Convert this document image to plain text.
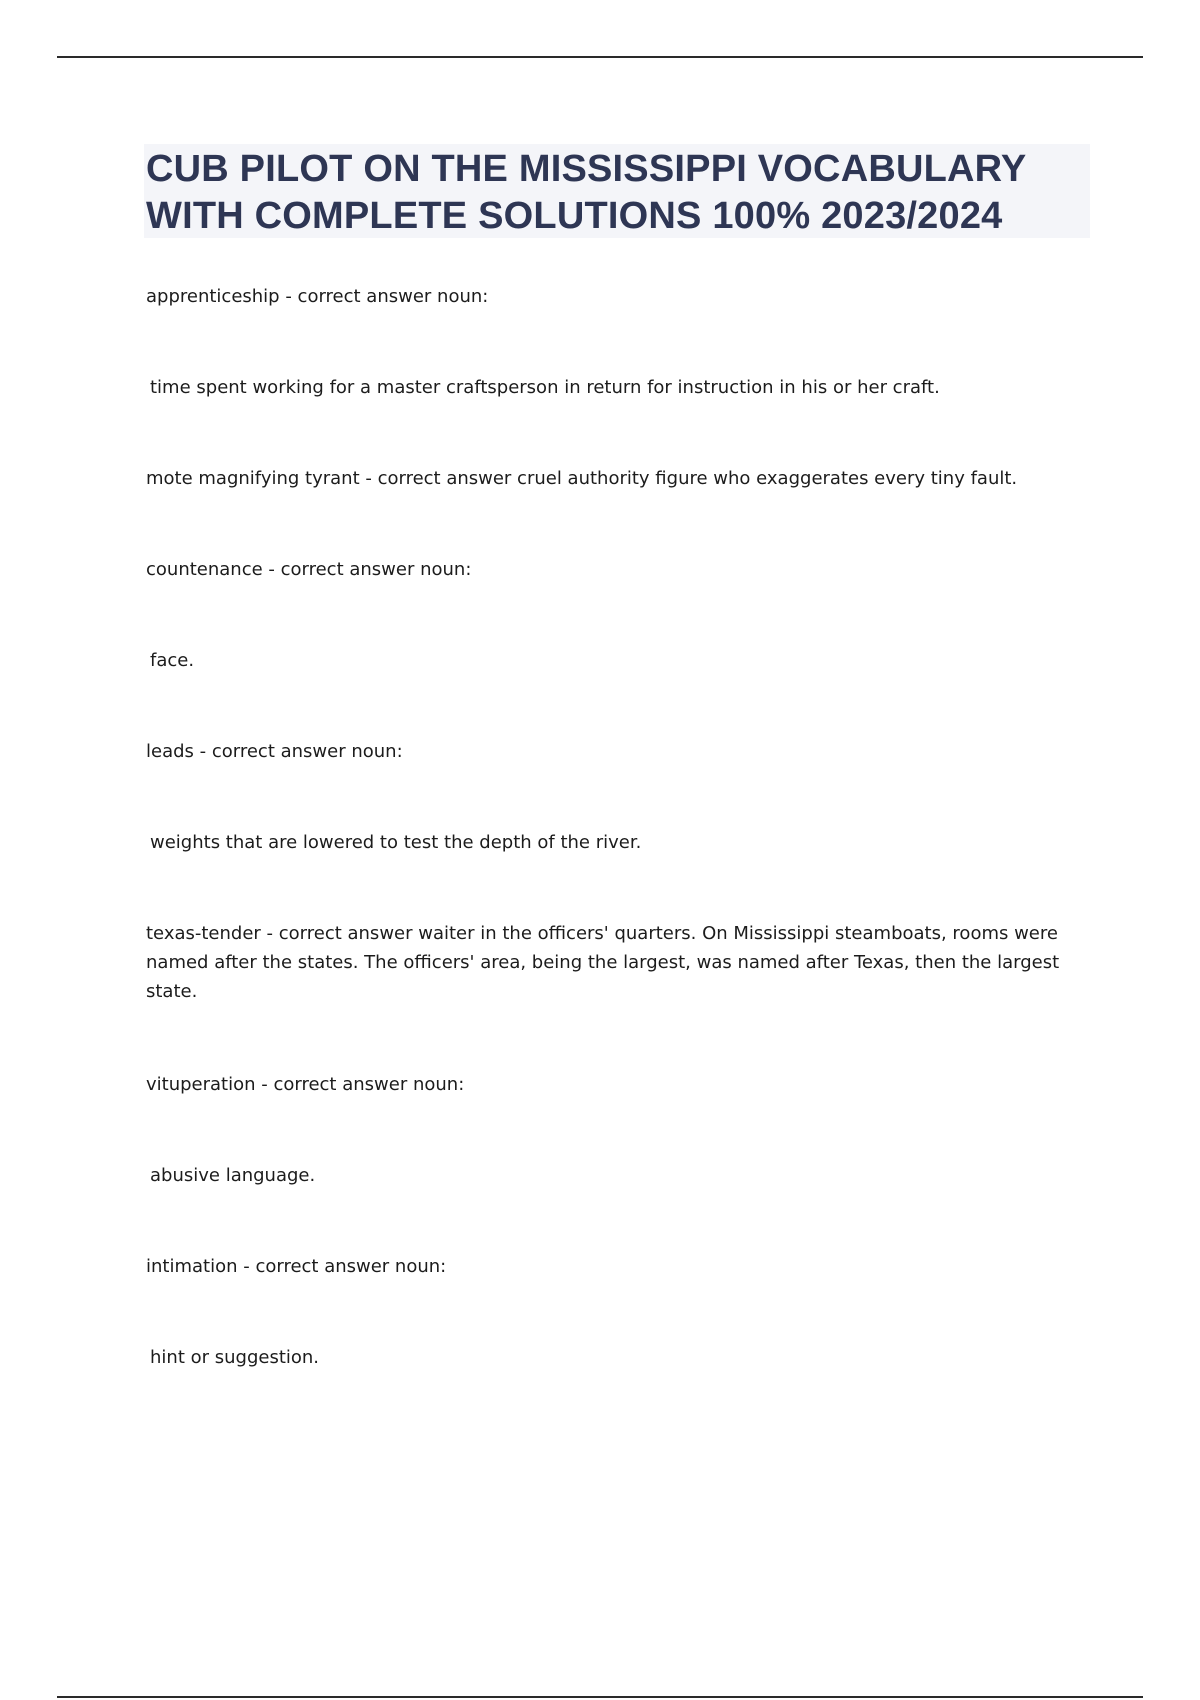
CUB PILOT ON THE MISSISSIPPI VOCABULARY WITH COMPLETE SOLUTIONS 100% 2023/2024
apprenticeship - correct answer noun:
time spent working for a master craftsperson in return for instruction in his or her craft.
mote magnifying tyrant - correct answer cruel authority figure who exaggerates every tiny fault.
countenance - correct answer noun:
face.
leads - correct answer noun:
weights that are lowered to test the depth of the river.
texas-tender - correct answer waiter in the officers' quarters. On Mississippi steamboats, rooms were named after the states. The officers' area, being the largest, was named after Texas, then the largest state.
vituperation - correct answer noun:
abusive language.
intimation - correct answer noun:
hint or suggestion.
